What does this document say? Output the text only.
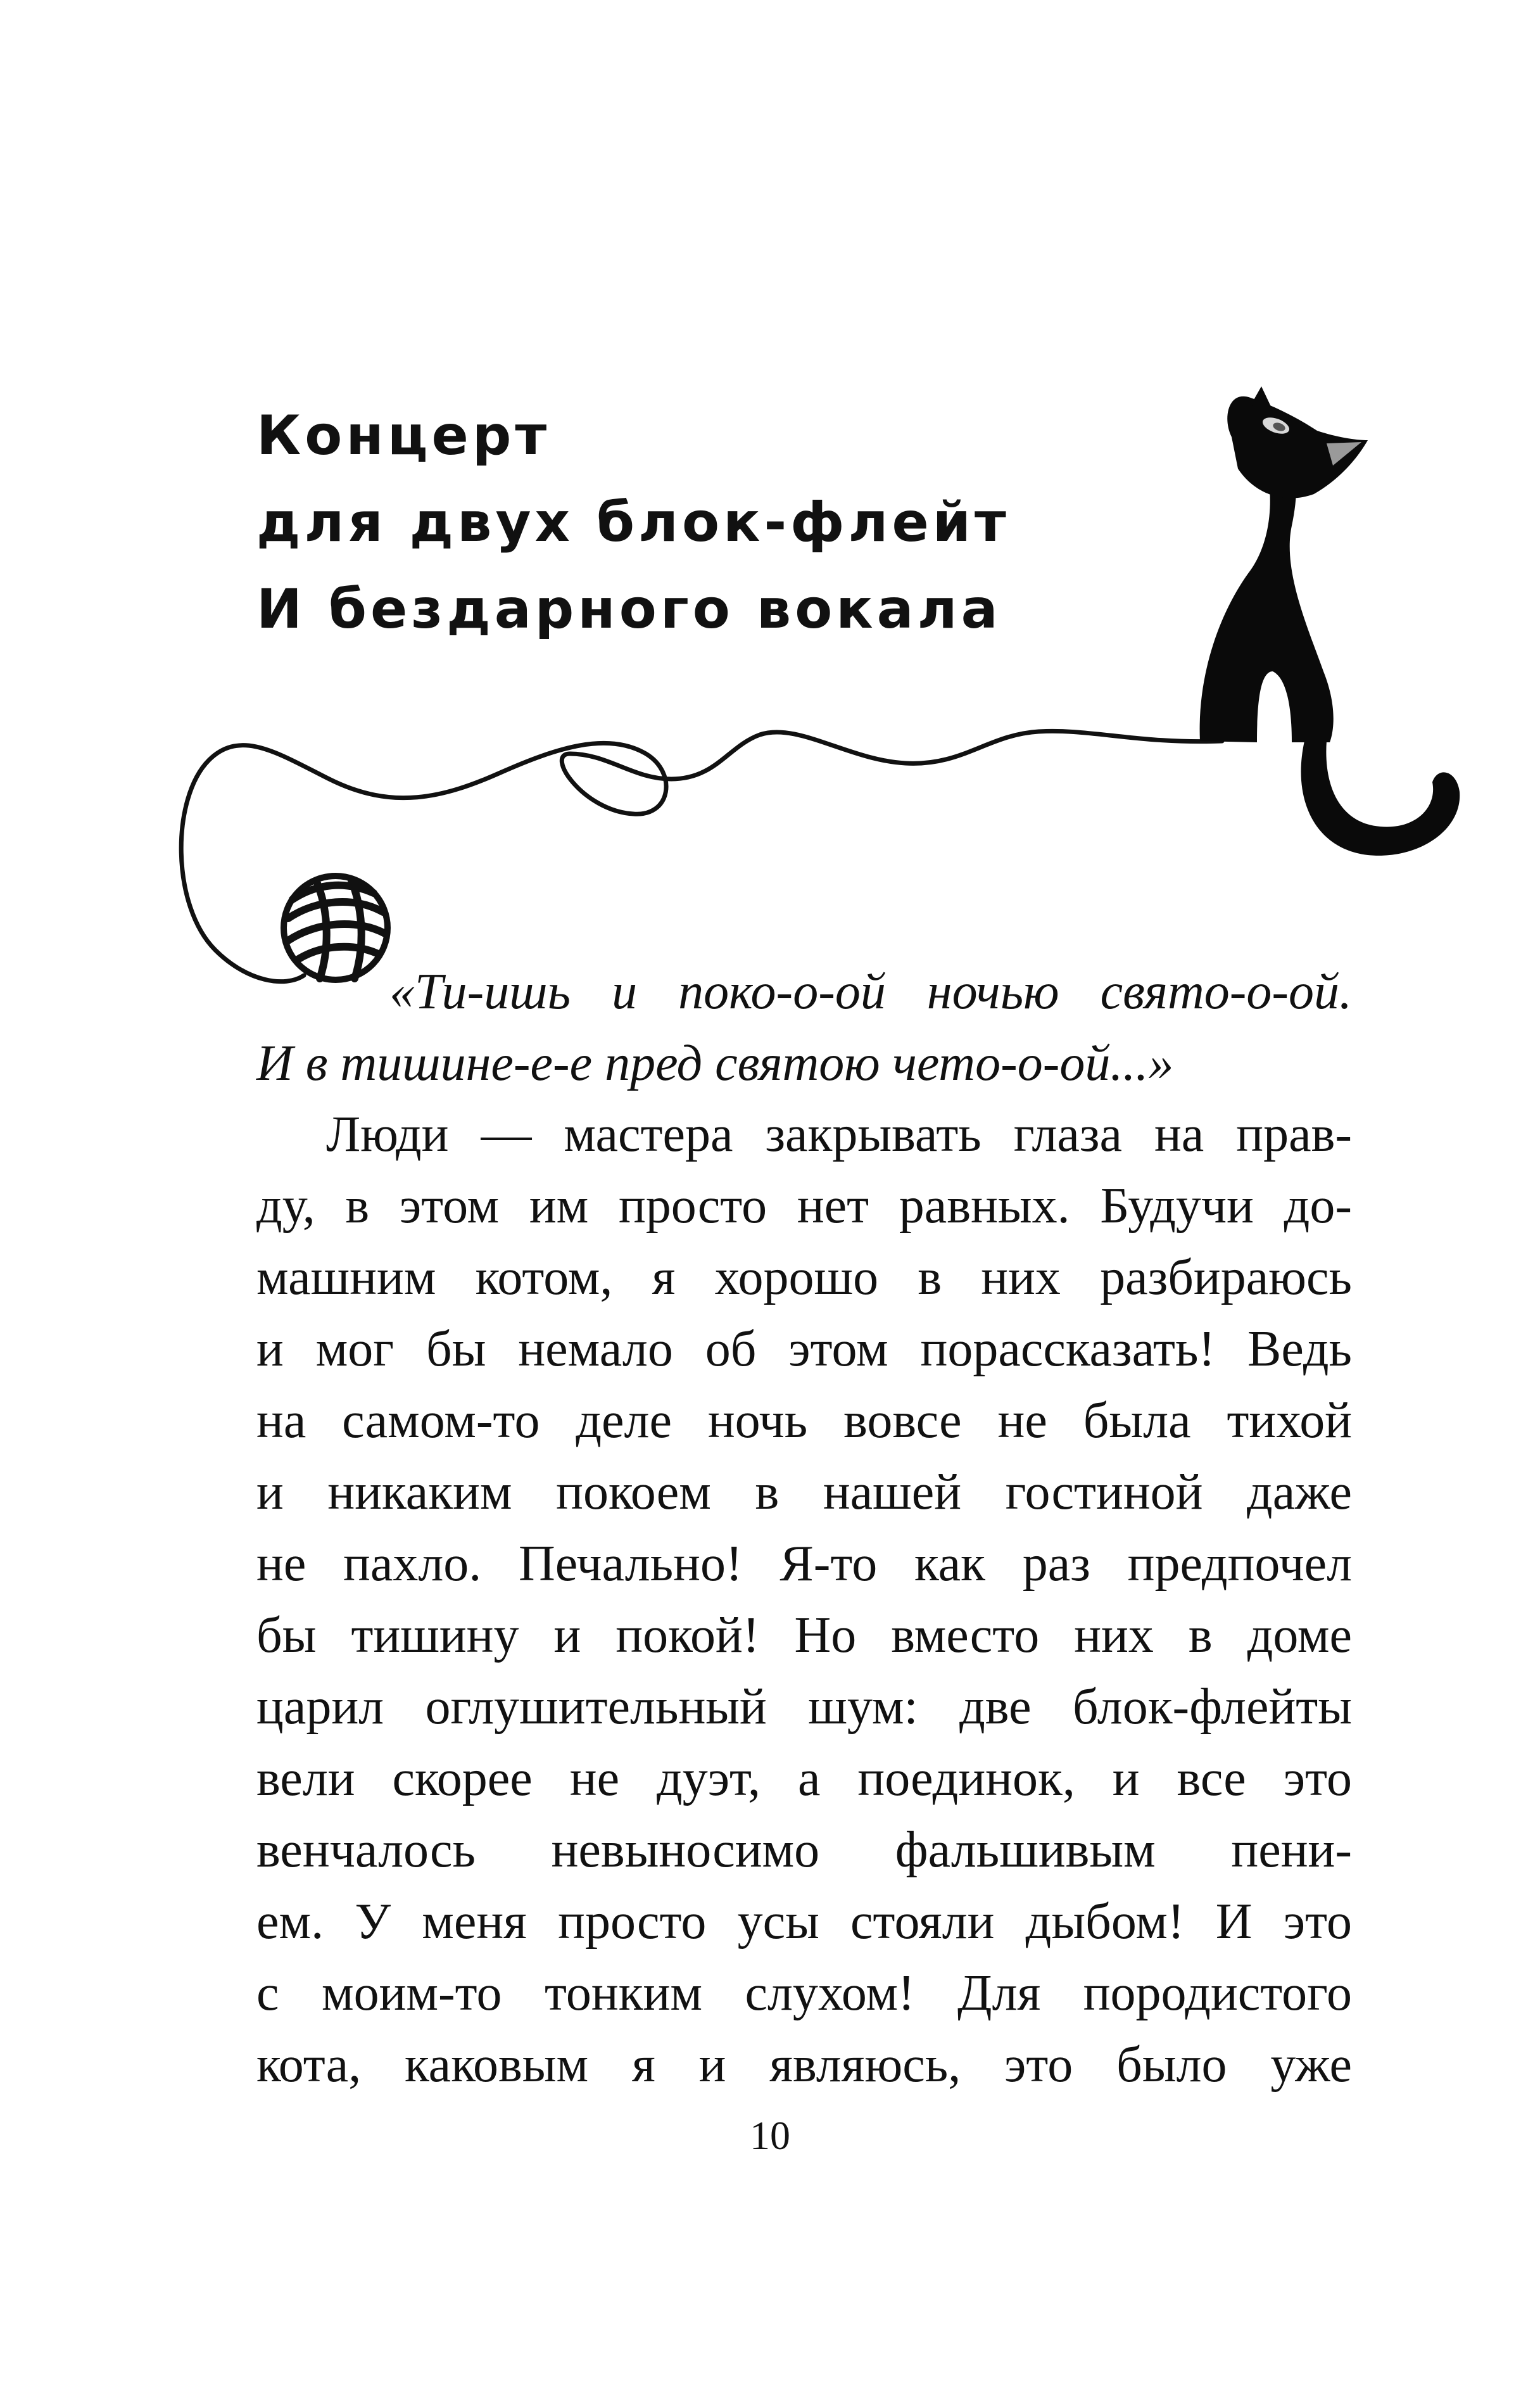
Концерт
для двух блок-флейт
И бездарного вокала
«Ти-ишь и поко-о-ой ночью свято-о-ой.
И в тишине-е-е пред святою чето-о-ой...»
Люди — мастера закрывать глаза на прав-
ду, в этом им просто нет равных. Будучи до-
машним котом, я хорошо в них разбираюсь
и мог бы немало об этом порассказать! Ведь
на самом-то деле ночь вовсе не была тихой
и никаким покоем в нашей гостиной даже
не пахло. Печально! Я-то как раз предпочел
бы тишину и покой! Но вместо них в доме
царил оглушительный шум: две блок-флейты
вели скорее не дуэт, а поединок, и все это
венчалось невыносимо фальшивым пени-
ем. У меня просто усы стояли дыбом! И это
с моим-то тонким слухом! Для породистого
кота, каковым я и являюсь, это было уже
10
